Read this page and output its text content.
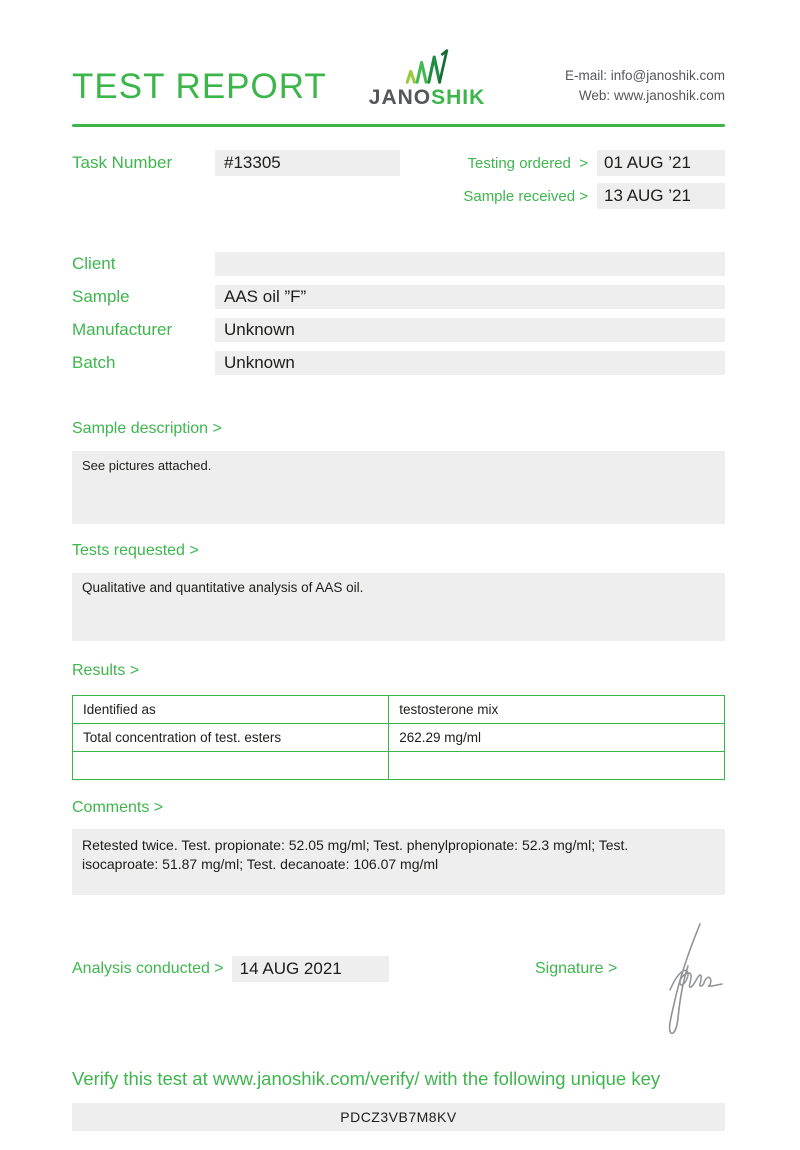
TEST REPORT JANOSHIK
E-mail: info@janoshik.com
Web: www.janoshik.com
Task Number	#13305	Testing ordered  > 01 AUG ’21
Sample received > 13 AUG ’21
Client
Sample	AAS oil ”F”
Manufacturer	Unknown
Batch	Unknown
Sample description >
See pictures attached.
Tests requested >
Qualitative and quantitative analysis of AAS oil.
Results >
Identified as	testosterone mix
Total concentration of test. esters	262.29 mg/ml

Comments >
Retested twice. Test. propionate: 52.05 mg/ml; Test. phenylpropionate: 52.3 mg/ml; Test. isocaproate: 51.87 mg/ml; Test. decanoate: 106.07 mg/ml
Analysis conducted > 14 AUG 2021	Signature >
Verify this test at www.janoshik.com/verify/ with the following unique key
PDCZ3VB7M8KV
